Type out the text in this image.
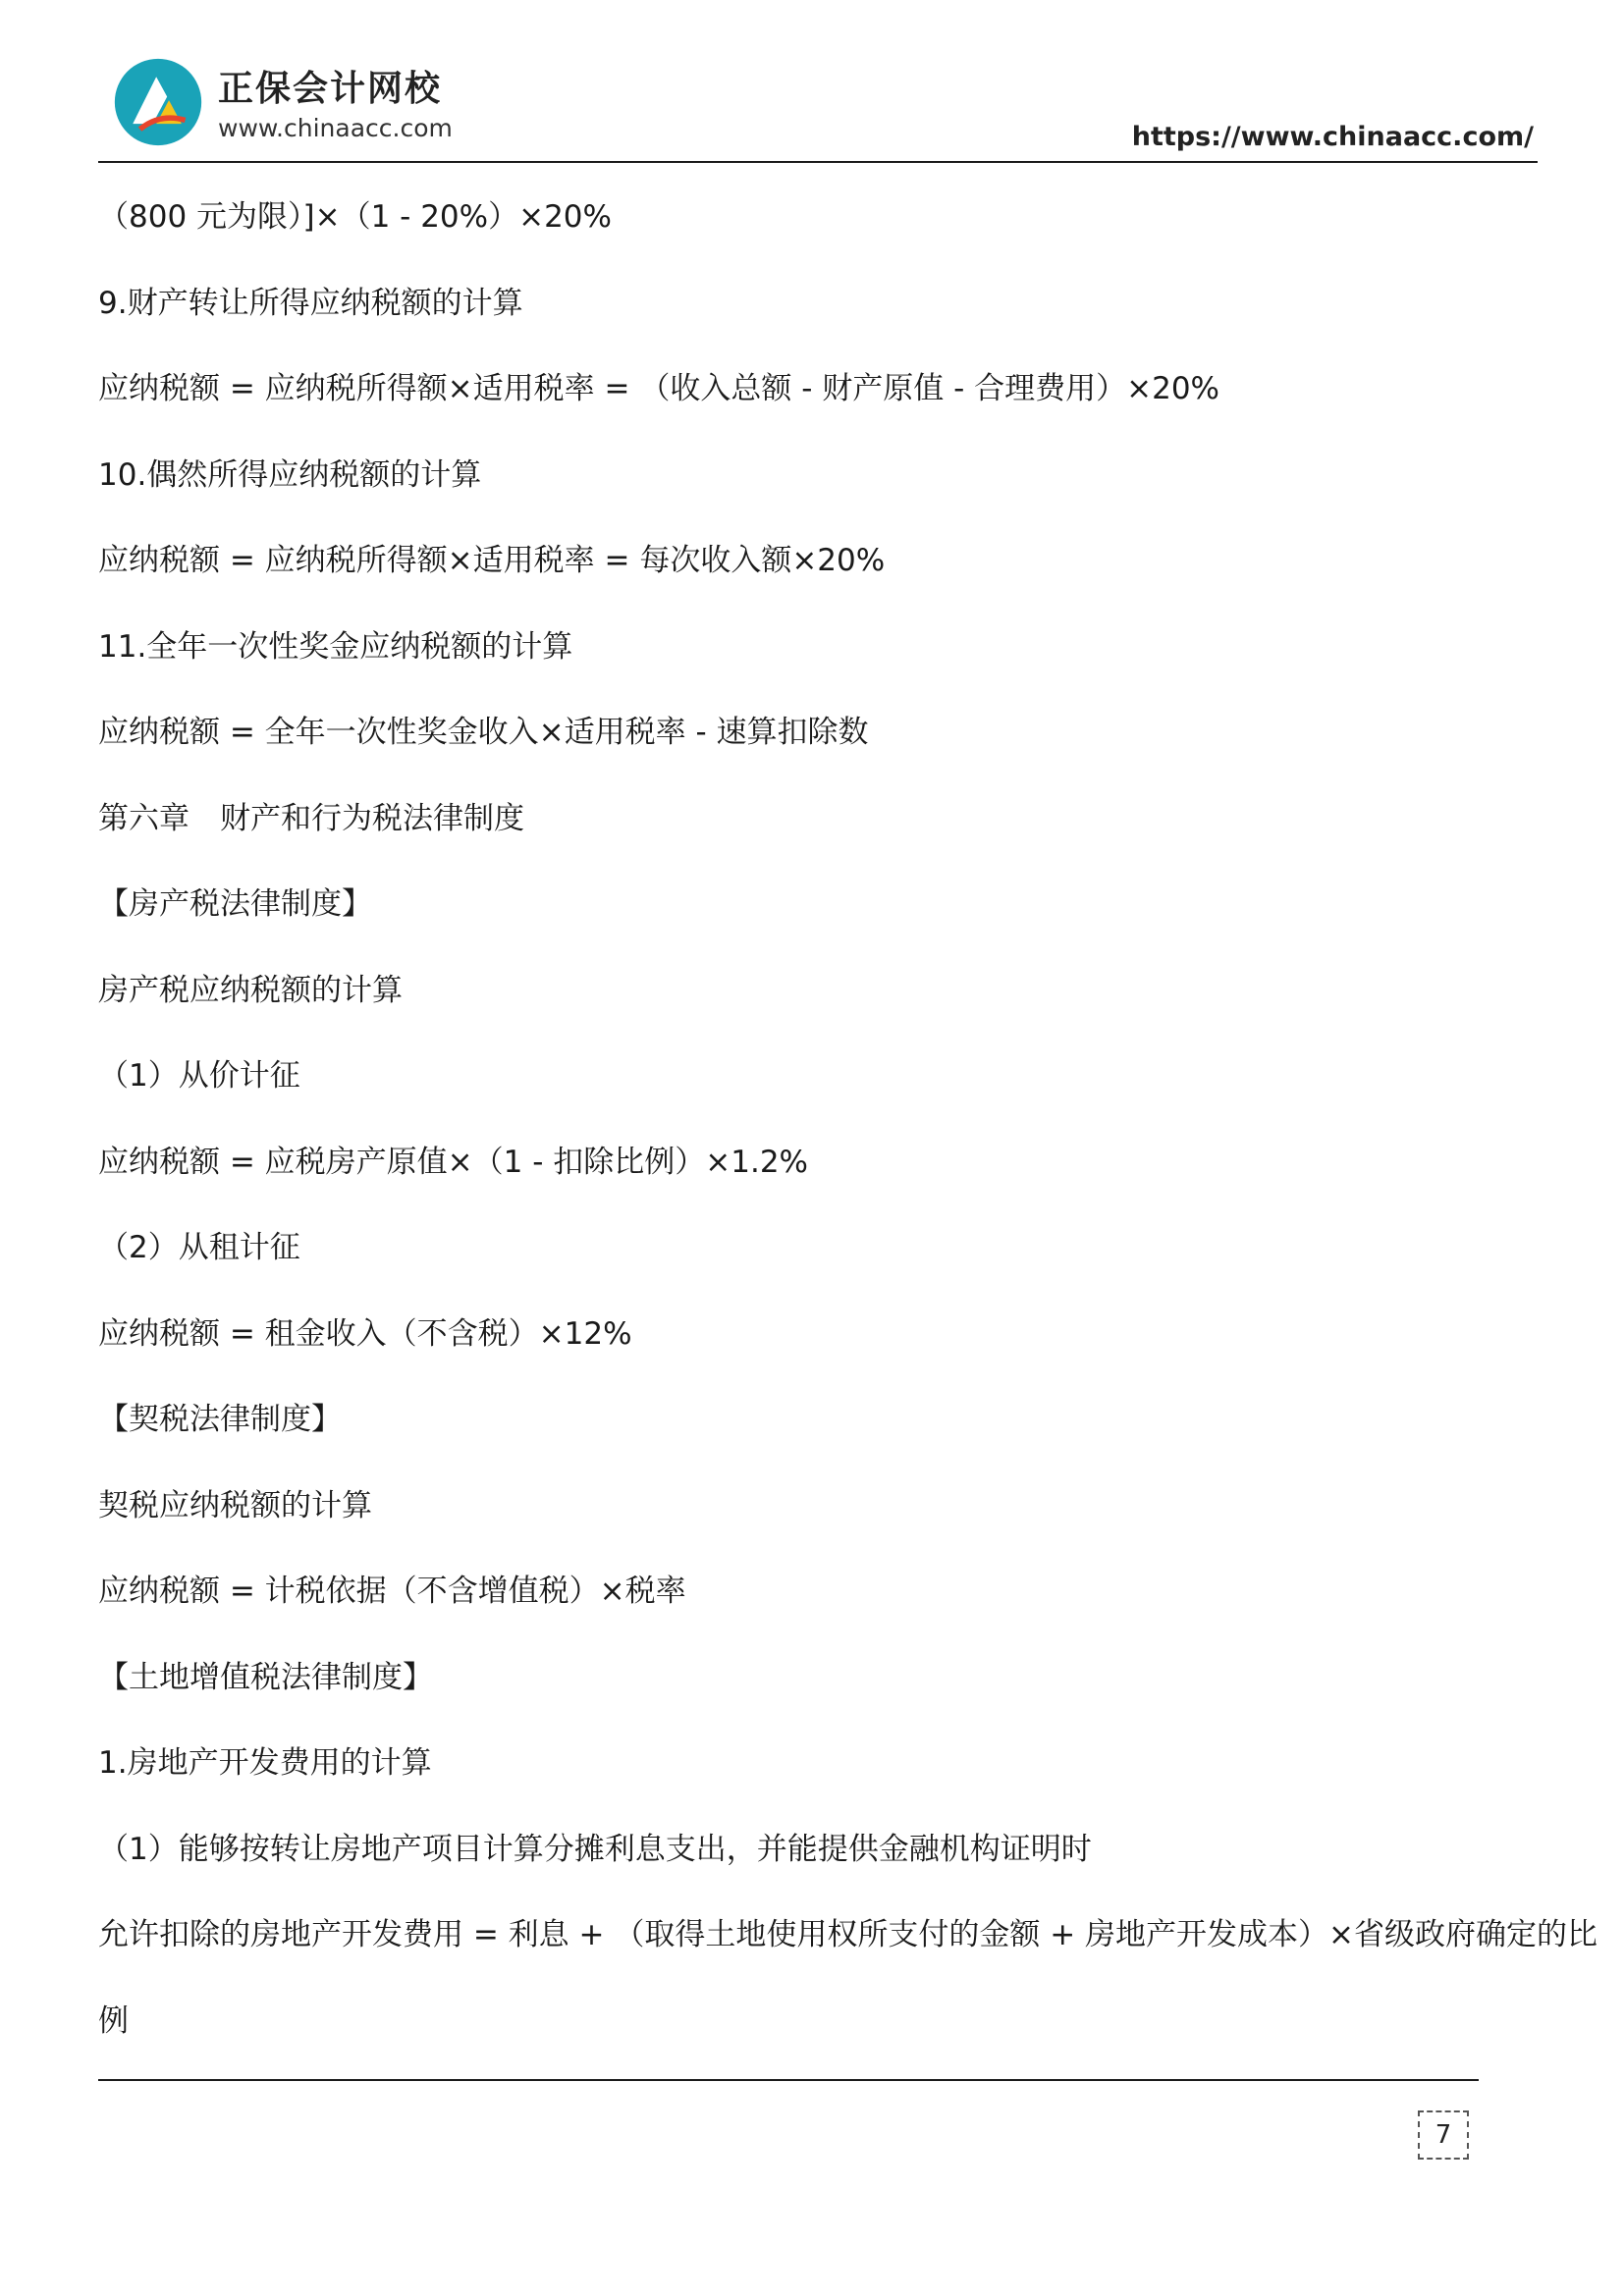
正保会计网校
www.chinaacc.com	https://www.chinaacc.com/
（800 元为限）]×（1 - 20%）×20%
9.财产转让所得应纳税额的计算
应纳税额 = 应纳税所得额×适用税率 = （收入总额 - 财产原值 - 合理费用）×20%
10.偶然所得应纳税额的计算
应纳税额 = 应纳税所得额×适用税率 = 每次收入额×20%
11.全年一次性奖金应纳税额的计算
应纳税额 = 全年一次性奖金收入×适用税率 - 速算扣除数
第六章　财产和行为税法律制度
【房产税法律制度】
房产税应纳税额的计算
（1）从价计征
应纳税额 = 应税房产原值×（1 - 扣除比例）×1.2%
（2）从租计征
应纳税额 = 租金收入（不含税）×12%
【契税法律制度】
契税应纳税额的计算
应纳税额 = 计税依据（不含增值税）×税率
【土地增值税法律制度】
1.房地产开发费用的计算
（1）能够按转让房地产项目计算分摊利息支出，并能提供金融机构证明时
允许扣除的房地产开发费用 = 利息 + （取得土地使用权所支付的金额 + 房地产开发成本）×省级政府确定的比
例
7
